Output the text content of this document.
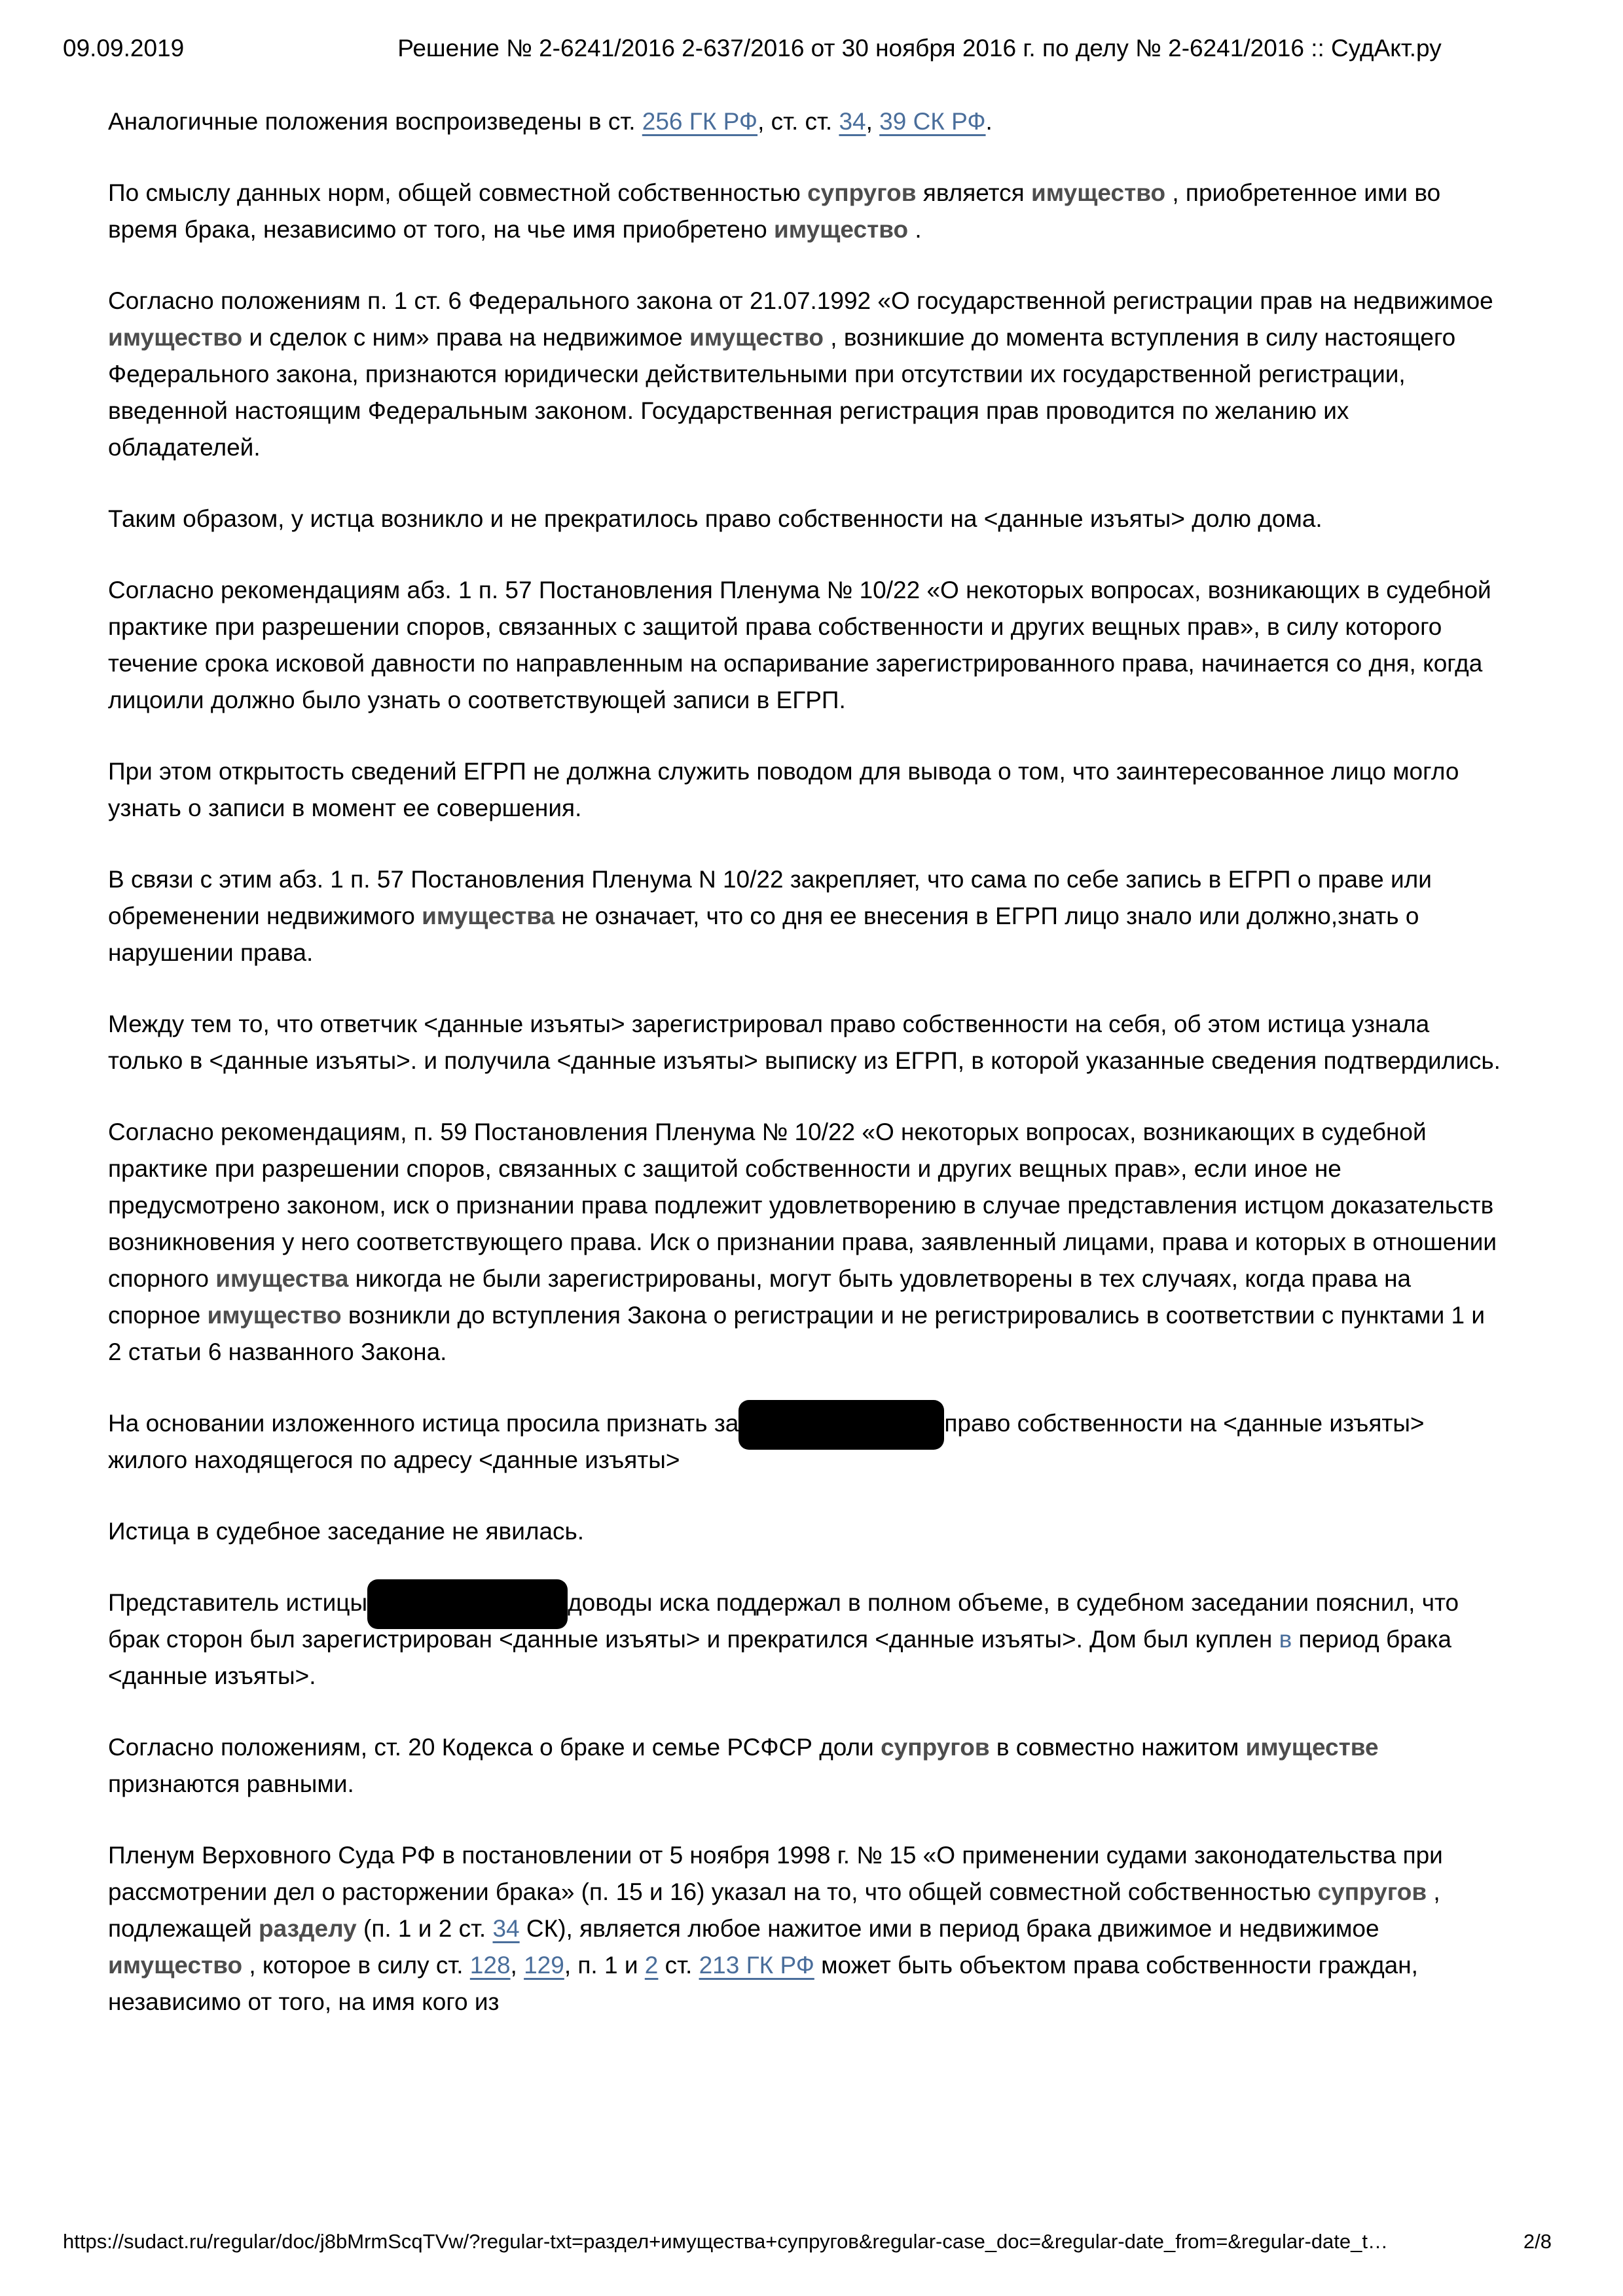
09.09.2019	Решение № 2-6241/2016 2-637/2016 от 30 ноября 2016 г. по делу № 2-6241/2016 :: СудАкт.ру

Аналогичные положения воспроизведены в ст. 256 ГК РФ, ст. ст. 34, 39 СК РФ.

По смыслу данных норм, общей совместной собственностью супругов является имущество , приобретенное ими во время брака, независимо от того, на чье имя приобретено имущество .

Согласно положениям п. 1 ст. 6 Федерального закона от 21.07.1992 «О государственной регистрации прав на недвижимое имущество и сделок с ним» права на недвижимое имущество , возникшие до момента вступления в силу настоящего Федерального закона, признаются юридически действительными при отсутствии их государственной регистрации, введенной настоящим Федеральным законом. Государственная регистрация прав проводится по желанию их обладателей.

Таким образом, у истца возникло и не прекратилось право собственности на <данные изъяты> долю дома.

Согласно рекомендациям абз. 1 п. 57 Постановления Пленума № 10/22 «О некоторых вопросах, возникающих в судебной практике при разрешении споров, связанных с защитой права собственности и других вещных прав», в силу которого течение срока исковой давности по направленным на оспаривание зарегистрированного права, начинается со дня, когда лицоили должно было узнать о соответствующей записи в ЕГРП.

При этом открытость сведений ЕГРП не должна служить поводом для вывода о том, что заинтересованное лицо могло узнать о записи в момент ее совершения.

В связи с этим абз. 1 п. 57 Постановления Пленума N 10/22 закрепляет, что сама по себе запись в ЕГРП о праве или обременении недвижимого имущества не означает, что со дня ее внесения в ЕГРП лицо знало или должно,знать о нарушении права.

Между тем то, что ответчик <данные изъяты> зарегистрировал право собственности на себя, об этом истица узнала только в <данные изъяты>. и получила <данные изъяты> выписку из ЕГРП, в которой указанные сведения подтвердились.

Согласно рекомендациям, п. 59 Постановления Пленума № 10/22 «О некоторых вопросах, возникающих в судебной практике при разрешении споров, связанных с защитой собственности и других вещных прав», если иное не предусмотрено законом, иск о признании права подлежит удовлетворению в случае представления истцом доказательств возникновения у него соответствующего права. Иск о признании права, заявленный лицами, права и которых в отношении спорного имущества никогда не были зарегистрированы, могут быть удовлетворены в тех случаях, когда права на спорное имущество возникли до вступления Закона о регистрации и не регистрировались в соответствии с пунктами 1 и 2 статьи 6 названного Закона.

На основании изложенного истица просила признать за	право собственности на <данные изъяты> жилого находящегося по адресу <данные изъяты>

Истица в судебное заседание не явилась.

Представитель истицы	доводы иска поддержал в полном объеме, в судебном заседании пояснил, что брак сторон был зарегистрирован <данные изъяты> и прекратился <данные изъяты>. Дом был куплен в период брака <данные изъяты>.

Согласно положениям, ст. 20 Кодекса о браке и семье РСФСР доли супругов в совместно нажитом имуществе признаются равными.

Пленум Верховного Суда РФ в постановлении от 5 ноября 1998 г. № 15 «О применении судами законодательства при рассмотрении дел о расторжении брака» (п. 15 и 16) указал на то, что общей совместной собственностью супругов , подлежащей разделу (п. 1 и 2 ст. 34 СК), является любое нажитое ими в период брака движимое и недвижимое имущество , которое в силу ст. 128, 129, п. 1 и 2 ст. 213 ГК РФ может быть объектом права собственности граждан, независимо от того, на имя кого из

https://sudact.ru/regular/doc/j8bMrmScqTVw/?regular-txt=раздел+имущества+супругов&regular-case_doc=&regular-date_from=&regular-date_t…	2/8
